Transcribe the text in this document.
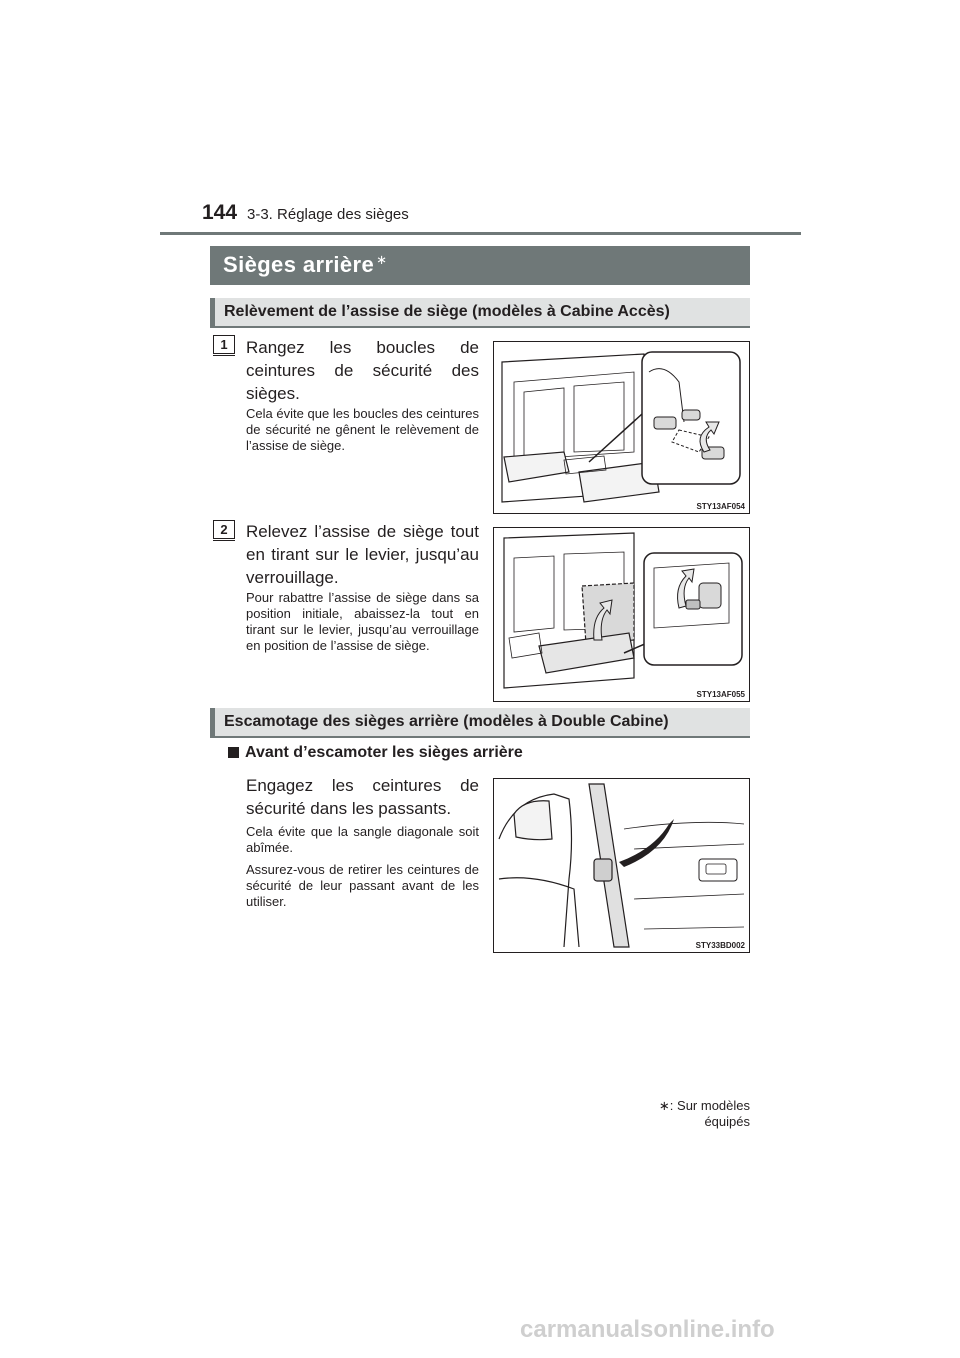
144 3-3. Réglage des sièges
Sièges arrière ∗
Relèvement de l’assise de siège (modèles à Cabine Accès)
1	Rangez les boucles de ceintures de sécurité des sièges.
Cela évite que les boucles des ceintures de sécurité ne gênent le relèvement de l’assise de siège.
STY13AF054
2	Relevez l’assise de siège tout en tirant sur le levier, jusqu’au verrouillage.
Pour rabattre l’assise de siège dans sa position initiale, abaissez-la tout en tirant sur le levier, jusqu’au verrouillage en position de l’assise de siège.
STY13AF055
Escamotage des sièges arrière (modèles à Double Cabine)
Avant d’escamoter les sièges arrière
Engagez les ceintures de sécurité dans les passants.
Cela évite que la sangle diagonale soit abîmée.
Assurez-vous de retirer les ceintures de sécurité de leur passant avant de les utiliser.
STY33BD002
∗: Sur modèles équipés
carmanualsonline.info
